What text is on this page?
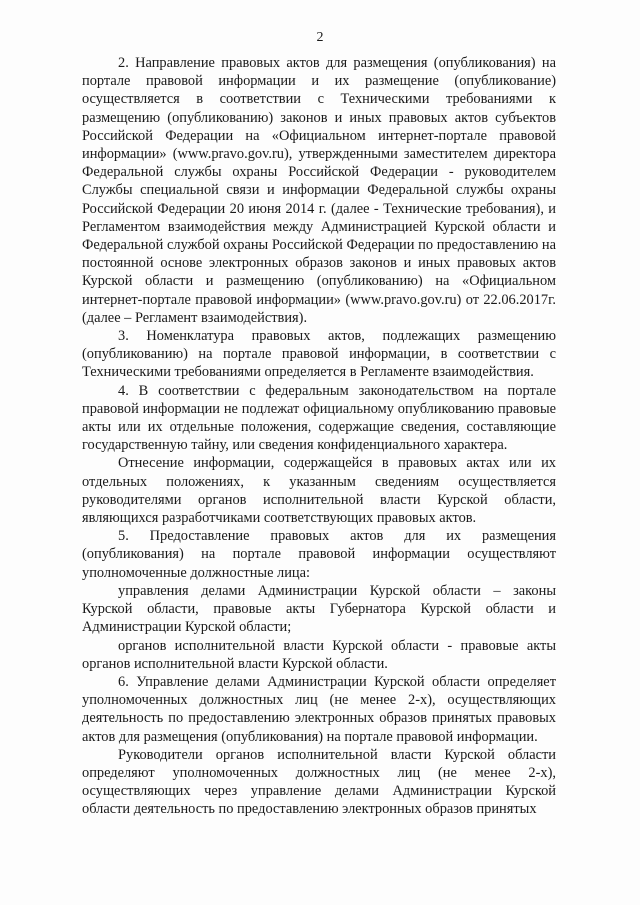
2

2. Направление правовых актов для размещения (опубликования) на портале правовой информации и их размещение (опубликование) осуществляется в соответствии с Техническими требованиями к размещению (опубликованию) законов и иных правовых актов субъектов Российской Федерации на «Официальном интернет-портале правовой информации» (www.pravo.gov.ru), утвержденными заместителем директора Федеральной службы охраны Российской Федерации - руководителем Службы специальной связи и информации Федеральной службы охраны Российской Федерации 20 июня 2014 г. (далее - Технические требования), и Регламентом взаимодействия между Администрацией Курской области и Федеральной службой охраны Российской Федерации по предоставлению на постоянной основе электронных образов законов и иных правовых актов Курской области и размещению (опубликованию) на «Официальном интернет-портале правовой информации» (www.pravo.gov.ru) от 22.06.2017г. (далее – Регламент взаимодействия).

3. Номенклатура правовых актов, подлежащих размещению (опубликованию) на портале правовой информации, в соответствии с Техническими требованиями определяется в Регламенте взаимодействия.

4. В соответствии с федеральным законодательством на портале правовой информации не подлежат официальному опубликованию правовые акты или их отдельные положения, содержащие сведения, составляющие государственную тайну, или сведения конфиденциального характера.

Отнесение информации, содержащейся в правовых актах или их отдельных положениях, к указанным сведениям осуществляется руководителями органов исполнительной власти Курской области, являющихся разработчиками соответствующих правовых актов.

5. Предоставление правовых актов для их размещения (опубликования) на портале правовой информации осуществляют уполномоченные должностные лица:

управления делами Администрации Курской области – законы Курской области, правовые акты Губернатора Курской области и Администрации Курской области;

органов исполнительной власти Курской области - правовые акты органов исполнительной власти Курской области.

6. Управление делами Администрации Курской области определяет уполномоченных должностных лиц (не менее 2-х), осуществляющих деятельность по предоставлению электронных образов принятых правовых актов для размещения (опубликования) на портале правовой информации.

Руководители органов исполнительной власти Курской области определяют уполномоченных должностных лиц (не менее 2-х), осуществляющих через управление делами Администрации Курской области деятельность по предоставлению электронных образов принятых
